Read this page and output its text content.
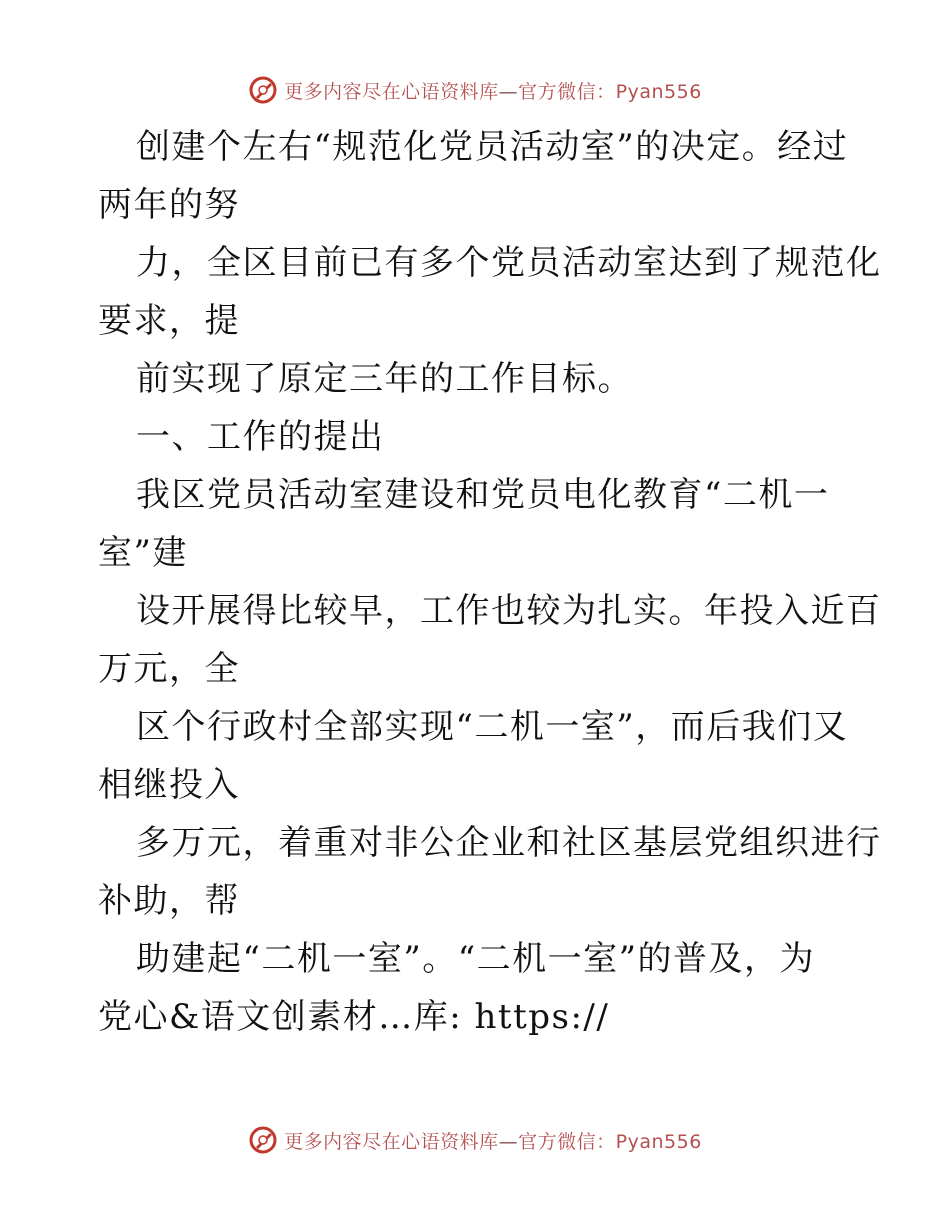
更多内容尽在心语资料库—官方微信：Pyan556
创建个左右“规范化党员活动室”的决定。经过
两年的努
力，全区目前已有多个党员活动室达到了规范化
要求，提
前实现了原定三年的工作目标。
一、工作的提出
我区党员活动室建设和党员电化教育“二机一
室”建
设开展得比较早，工作也较为扎实。年投入近百
万元，全
区个行政村全部实现“二机一室”，而后我们又
相继投入
多万元，着重对非公企业和社区基层党组织进行
补助，帮
助建起“二机一室”。“二机一室”的普及，为
党心&语文创素材…库: https://
更多内容尽在心语资料库—官方微信：Pyan556
